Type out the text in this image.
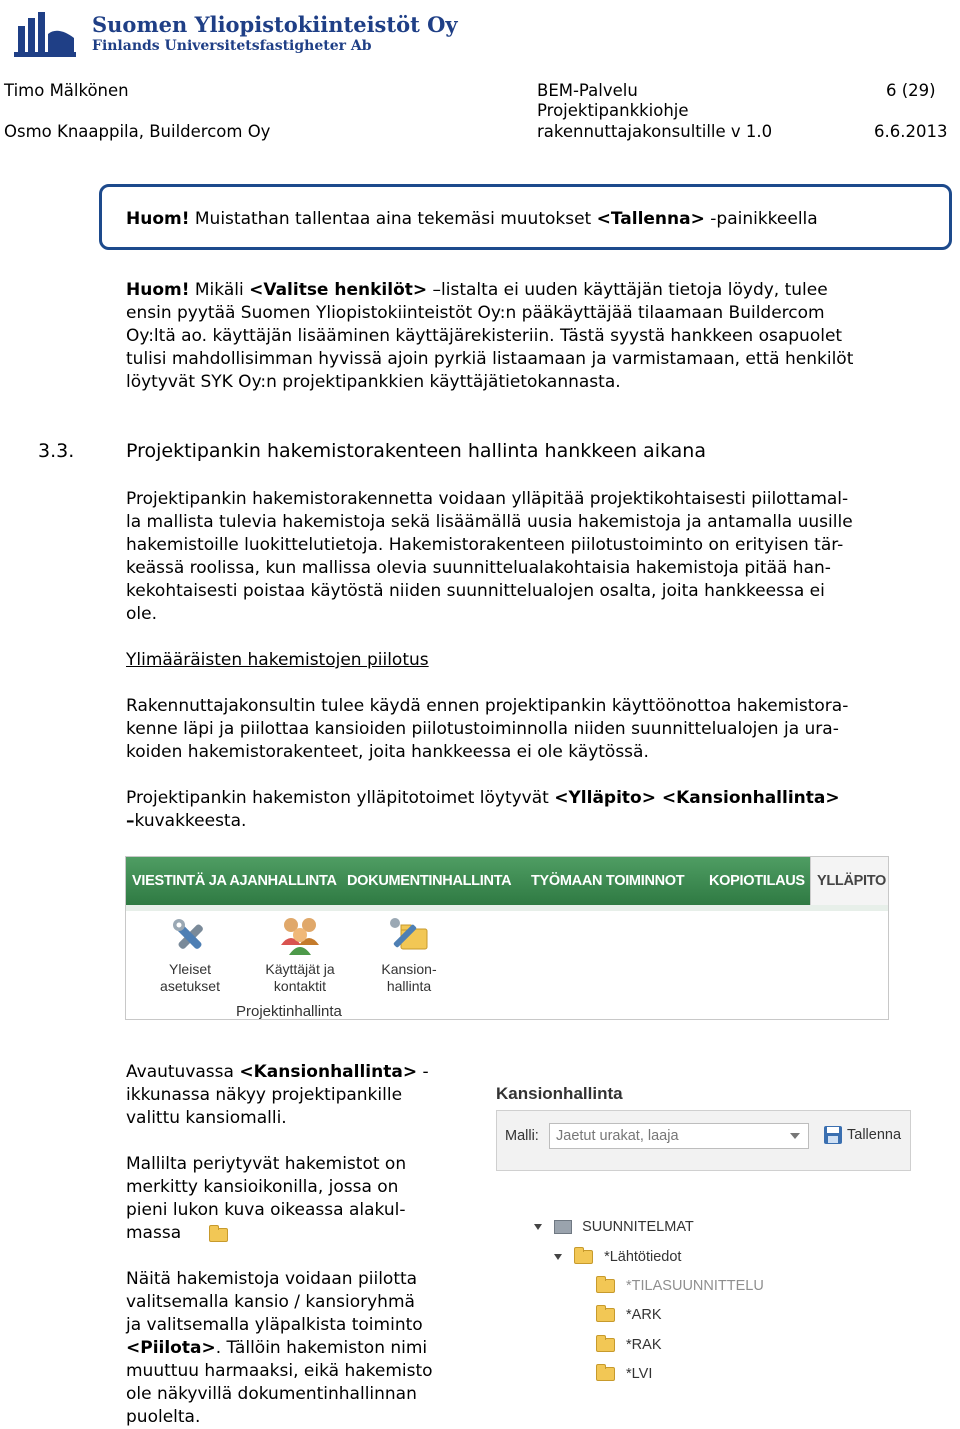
Suomen Yliopistokiinteistöt Oy
Finlands Universitetsfastigheter Ab
Timo Mälkönen
Osmo Knaappila, Buildercom Oy
BEM-Palvelu
Projektipankkiohje
rakennuttajakonsultille v 1.0
6 (29)
6.6.2013
Huom! Muistathan tallentaa aina tekemäsi muutokset <Tallenna> -painikkeella
Huom! Mikäli <Valitse henkilöt> –listalta ei uuden käyttäjän tietoja löydy, tulee
ensin pyytää Suomen Yliopistokiinteistöt Oy:n pääkäyttäjää tilaamaan Buildercom
Oy:ltä ao. käyttäjän lisääminen käyttäjärekisteriin. Tästä syystä hankkeen osapuolet
tulisi mahdollisimman hyvissä ajoin pyrkiä listaamaan ja varmistamaan, että henkilöt
löytyvät SYK Oy:n projektipankkien käyttäjätietokannasta.
3.3.	Projektipankin hakemistorakenteen hallinta hankkeen aikana
Projektipankin hakemistorakennetta voidaan ylläpitää projektikohtaisesti piilottamal-
la mallista tulevia hakemistoja sekä lisäämällä uusia hakemistoja ja antamalla uusille
hakemistoille luokittelutietoja. Hakemistorakenteen piilotustoiminto on erityisen tär-
keässä roolissa, kun mallissa olevia suunnittelualakohtaisia hakemistoja pitää han-
kekohtaisesti poistaa käytöstä niiden suunnittelualojen osalta, joita hankkeessa ei
ole.
Ylimääräisten hakemistojen piilotus
Rakennuttajakonsultin tulee käydä ennen projektipankin käyttöönottoa hakemistora-
kenne läpi ja piilottaa kansioiden piilotustoiminnolla niiden suunnittelualojen ja ura-
koiden hakemistorakenteet, joita hankkeessa ei ole käytössä.
Projektipankin hakemiston ylläpitotoimet löytyvät <Ylläpito> <Kansionhallinta>
–kuvakkeesta.
VIESTINTÄ JA AJANHALLINTA DOKUMENTINHALLINTA TYÖMAAN TOIMINNOT KOPIOTILAUS YLLÄPITO
Yleiset
asetukset
Käyttäjät ja
kontaktit
Kansion-
hallinta
Projektinhallinta
Avautuvassa <Kansionhallinta> -
ikkunassa näkyy projektipankille
valittu kansiomalli.
Mallilta periytyvät hakemistot on
merkitty kansioikonilla, jossa on
pieni lukon kuva oikeassa alakul-
massa
Näitä hakemistoja voidaan piilotta
valitsemalla kansio / kansioryhmä
ja valitsemalla yläpalkista toiminto
<Piilota>. Tällöin hakemiston nimi
muuttuu harmaaksi, eikä hakemisto
ole näkyvillä dokumentinhallinnan
puolelta.
Kansionhallinta
Malli: Jaetut urakat, laaja	Tallenna
SUUNNITELMAT
*Lähtötiedot
*TILASUUNNITTELU
*ARK
*RAK
*LVI
